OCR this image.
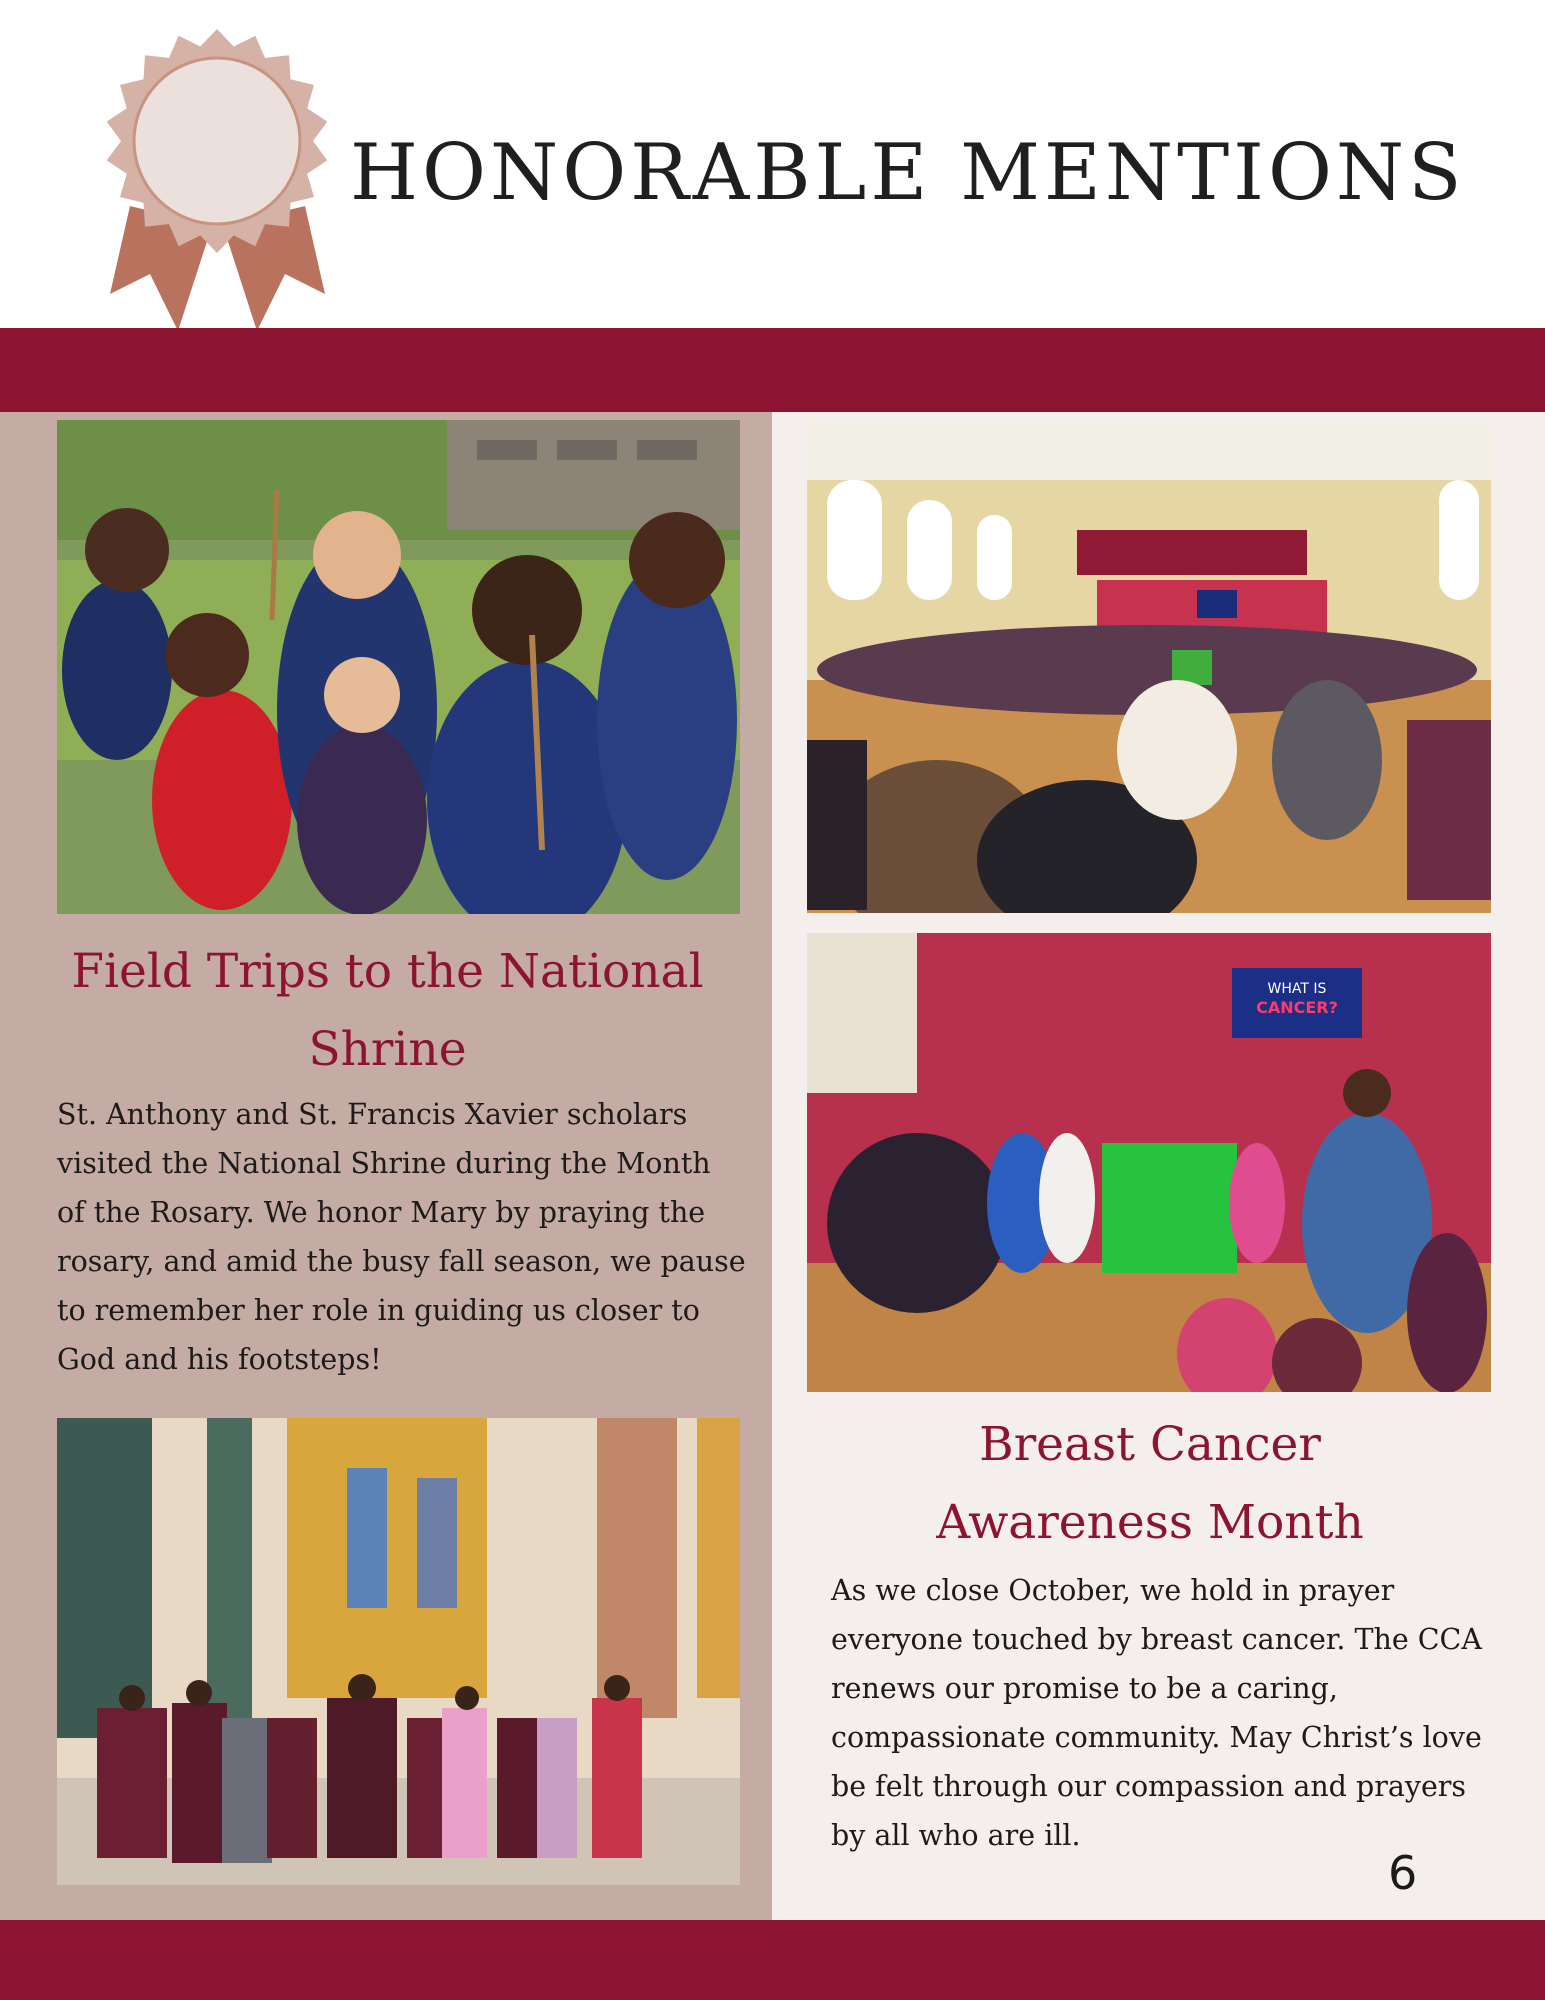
HONORABLE MENTIONS
WHAT IS
CANCER?
Field Trips to the National Shrine
St. Anthony and St. Francis Xavier scholars visited the National Shrine during the Month of the Rosary. We honor Mary by praying the rosary, and amid the busy fall season, we pause to remember her role in guiding us closer to God and his footsteps!
Breast Cancer Awareness Month
As we close October, we hold in prayer everyone touched by breast cancer. The CCA renews our promise to be a caring, compassionate community. May Christ’s love be felt through our compassion and prayers by all who are ill.
6
